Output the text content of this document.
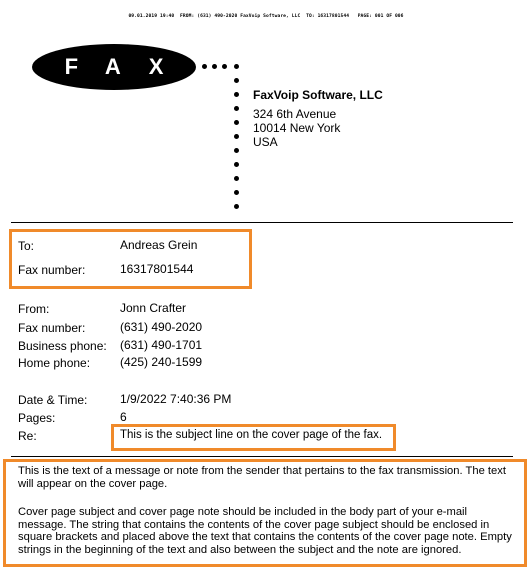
09.01.2019 19:40  FROM: (631) 490-2020 FaxVoip Software, LLC  TO: 16317801544   PAGE: 001 OF 006
FAX
FaxVoip Software, LLC
324 6th Avenue
10014 New York
USA
To:	Andreas Grein
Fax number:	16317801544
From:	Jonn Crafter
Fax number:	(631) 490-2020
Business phone: (631) 490-1701
Home phone: (425) 240-1599
Date & Time:	1/9/2022 7:40:36 PM
Pages:	6
Re:	This is the subject line on the cover page of the fax.
This is the text of a message or note from the sender that pertains to the fax transmission. The text will appear on the cover page.
Cover page subject and cover page note should be included in the body part of your e-mail message. The string that contains the contents of the cover page subject should be enclosed in square brackets and placed above the text that contains the contents of the cover page note. Empty strings in the beginning of the text and also between the subject and the note are ignored.
